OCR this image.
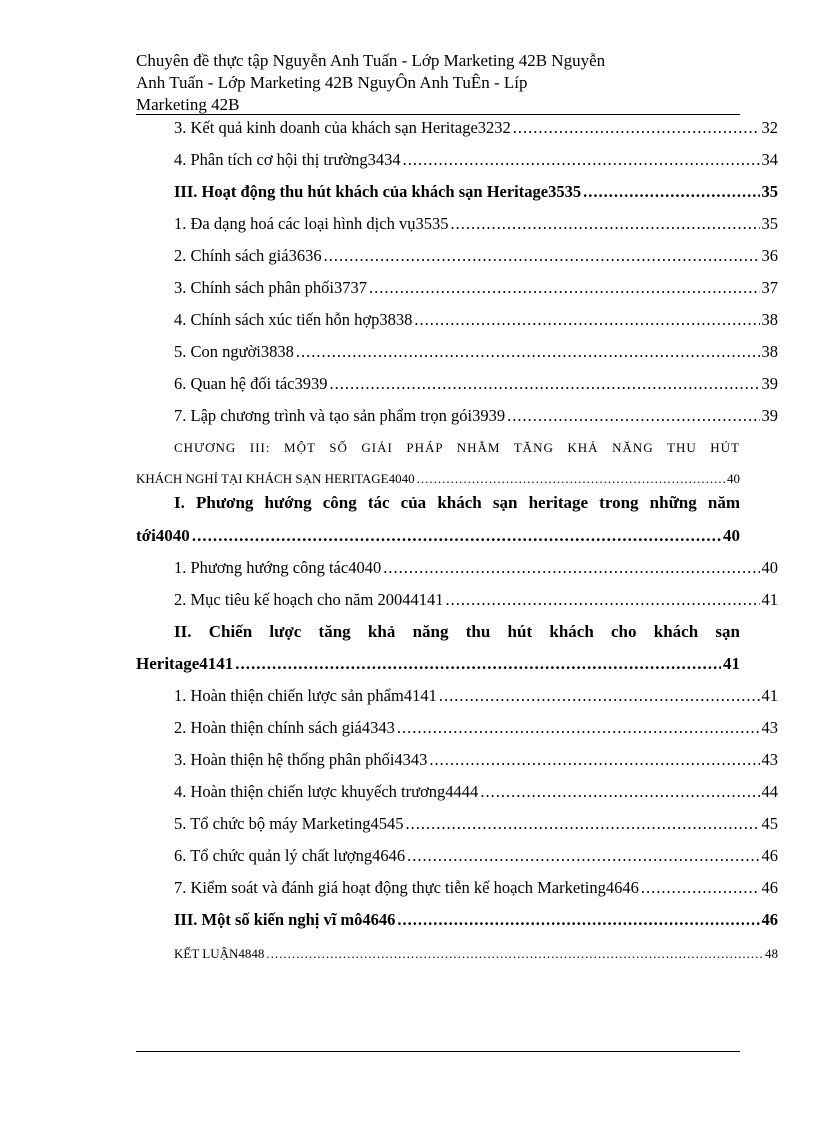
Chuyên đề thực tập Nguyễn Anh Tuấn - Lớp Marketing 42B Nguyễn
Anh Tuấn - Lớp Marketing 42B NguyÔn Anh TuÊn - Líp
Marketing 42B
3. Kết quả kinh doanh của khách sạn Heritage3232 .....	32
4. Phân tích cơ hội thị trường3434 .....	34
III. Hoạt động thu hút khách của khách sạn Heritage3535 .....	35
1. Đa dạng hoá các loại hình dịch vụ3535 .....	35
2. Chính sách giá3636 .....	36
3. Chính sách phân phối3737 .....	37
4. Chính sách xúc tiến hỗn hợp3838 .....	38
5. Con người3838 .....	38
6. Quan hệ đối tác3939 .....	39
7. Lập chương trình và tạo sản phẩm trọn gói3939 .....	39
CHƯƠNG III: MỘT SỐ GIẢI PHÁP NHẰM TĂNG KHẢ NĂNG THU HÚT
KHÁCH NGHỈ TẠI KHÁCH SẠN HERITAGE4040 .....	40
I. Phương hướng công tác của khách sạn heritage trong những năm
tới4040 .....	40
1. Phương hướng công tác4040 .....	40
2. Mục tiêu kế hoạch cho năm 20044141 .....	41
II. Chiến lược tăng khả năng thu hút khách cho khách sạn
Heritage4141 .....	41
1. Hoàn thiện chiến lược sản phẩm4141 .....	41
2. Hoàn thiện chính sách giá4343 .....	43
3. Hoàn thiện hệ thống phân phối4343 .....	43
4. Hoàn thiện chiến lược khuyếch trương4444 .....	44
5. Tổ chức bộ máy Marketing4545 .....	45
6. Tổ chức quản lý chất lượng4646 .....	46
7. Kiểm soát và đánh giá hoạt động thực tiễn kế hoạch Marketing4646 .....	46
III. Một số kiến nghị vĩ mô4646 .....	46
KẾT LUẬN4848 .....	48
